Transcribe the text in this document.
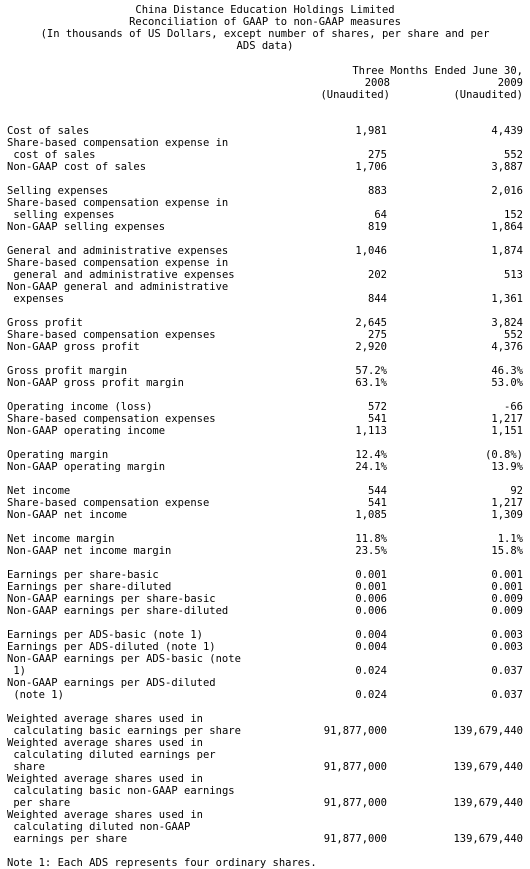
China Distance Education Holdings Limited
Reconciliation of GAAP to non-GAAP measures
(In thousands of US Dollars, except number of shares, per share and per
ADS data)
Three Months Ended June 30,
2008	2009
(Unaudited)	(Unaudited)
Cost of sales	1,981	4,439
Share-based compensation expense in
cost of sales	275	552
Non-GAAP cost of sales	1,706	3,887
Selling expenses	883	2,016
Share-based compensation expense in
selling expenses	64	152
Non-GAAP selling expenses	819	1,864
General and administrative expenses	1,046	1,874
Share-based compensation expense in
general and administrative expenses	202	513
Non-GAAP general and administrative
expenses	844	1,361
Gross profit	2,645	3,824
Share-based compensation expenses	275	552
Non-GAAP gross profit	2,920	4,376
Gross profit margin	57.2%	46.3%
Non-GAAP gross profit margin	63.1%	53.0%
Operating income (loss)	572	-66
Share-based compensation expenses	541	1,217
Non-GAAP operating income	1,113	1,151
Operating margin	12.4%	(0.8%)
Non-GAAP operating margin	24.1%	13.9%
Net income	544	92
Share-based compensation expense	541	1,217
Non-GAAP net income	1,085	1,309
Net income margin	11.8%	1.1%
Non-GAAP net income margin	23.5%	15.8%
Earnings per share-basic	0.001	0.001
Earnings per share-diluted	0.001	0.001
Non-GAAP earnings per share-basic	0.006	0.009
Non-GAAP earnings per share-diluted	0.006	0.009
Earnings per ADS-basic (note 1)	0.004	0.003
Earnings per ADS-diluted (note 1)	0.004	0.003
Non-GAAP earnings per ADS-basic (note
1)	0.024	0.037
Non-GAAP earnings per ADS-diluted
(note 1)	0.024	0.037
Weighted average shares used in
calculating basic earnings per share	91,877,000	139,679,440
Weighted average shares used in
calculating diluted earnings per
share	91,877,000	139,679,440
Weighted average shares used in
calculating basic non-GAAP earnings
per share	91,877,000	139,679,440
Weighted average shares used in
calculating diluted non-GAAP
earnings per share	91,877,000	139,679,440
Note 1: Each ADS represents four ordinary shares.
